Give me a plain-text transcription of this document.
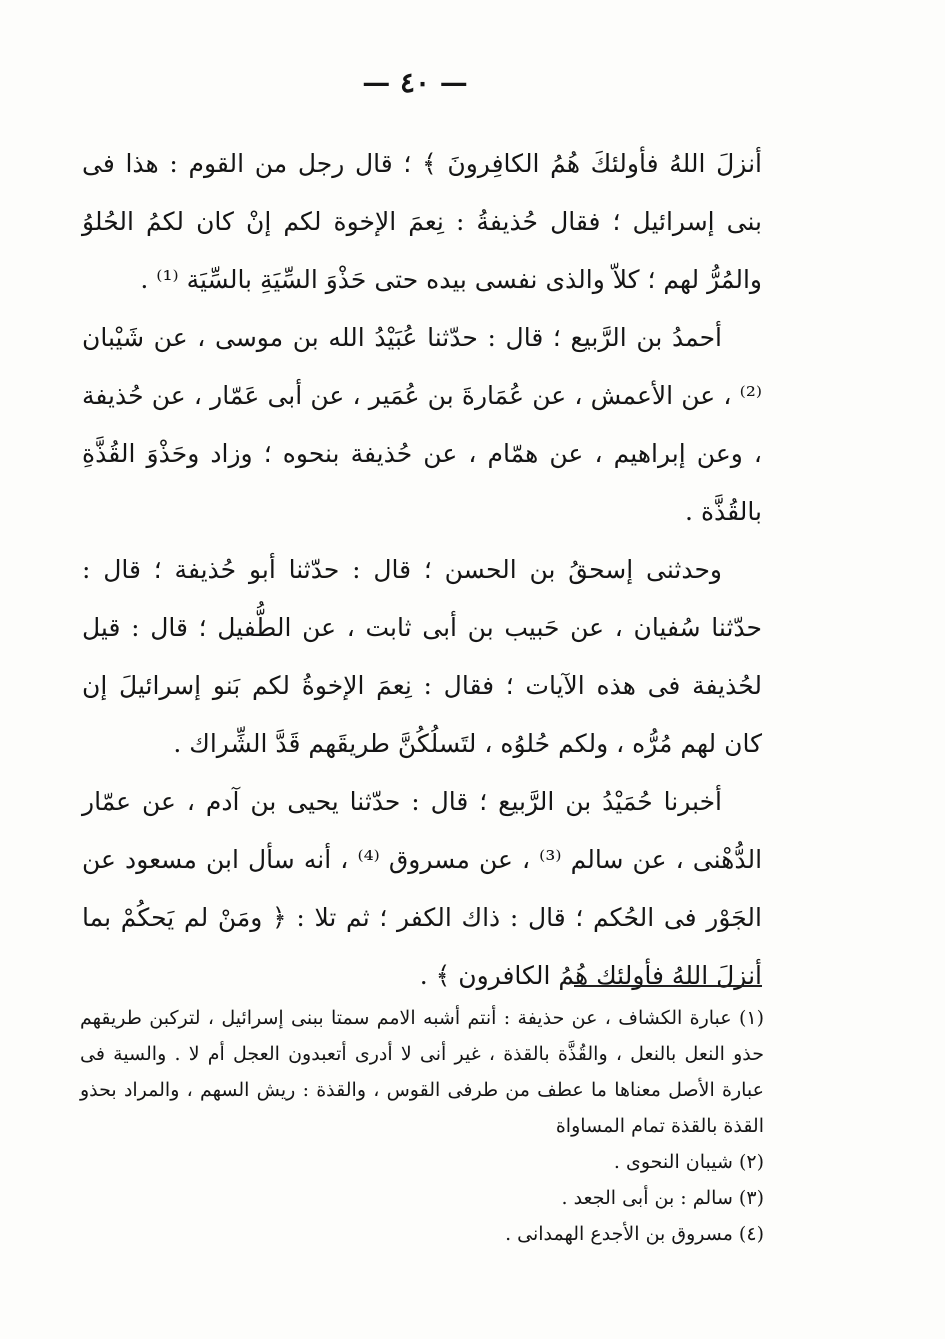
— ٤٠ —

أنزلَ اللهُ فأولئكَ هُمُ الكافِرونَ ﴾ ؛ قال رجل من القوم : هذا فى بنى إسرائيل ؛ فقال حُذيفةُ : نِعمَ الإخوة لكم إنْ كان لكمُ الحُلوُ والمُرُّ لهم ؛ كلاّ والذى نفسى بيده حتى حَذْوَ السِّيَةِ بالسِّيَة ⁽¹⁾ .

أحمدُ بن الرَّبيع ؛ قال : حدّثنا عُبَيْدُ الله بن موسى ، عن شَيْبان ⁽²⁾ ، عن الأعمش ، عن عُمَارةَ بن عُمَير ، عن أبى عَمّار ، عن حُذيفة ، وعن إبراهيم ، عن همّام ، عن حُذيفة بنحوه ؛ وزاد وحَذْوَ القُذَّةِ بالقُذَّة .

وحدثنى إسحقُ بن الحسن ؛ قال : حدّثنا أبو حُذيفة ؛ قال : حدّثنا سُفيان ، عن حَبيب بن أبى ثابت ، عن الطُّفيل ؛ قال : قيل لحُذيفة فى هذه الآيات ؛ فقال : نِعمَ الإخوةُ لكم بَنو إسرائيلَ إن كان لهم مُرُّه ، ولكم حُلوُه ، لتَسلُكُنَّ طريقَهم قَدَّ الشِّراك .

أخبرنا حُمَيْدُ بن الرَّبيع ؛ قال : حدّثنا يحيى بن آدم ، عن عمّار الدُّهْنى ، عن سالم ⁽³⁾ ، عن مسروق ⁽⁴⁾ ، أنه سأل ابن مسعود عن الجَوْر فى الحُكم ؛ قال : ذاك الكفر ؛ ثم تلا : ﴿ ومَنْ لم يَحكُمْ بما أنزلَ اللهُ فأولئك هُمُ الكافرون ﴾ .

(١) عبارة الكشاف ، عن حذيفة : أنتم أشبه الامم سمتا ببنى إسرائيل ، لتركبن طريقهم حذو النعل بالنعل ، والقُذَّة بالقذة ، غير أنى لا أدرى أتعبدون العجل أم لا . والسية فى عبارة الأصل معناها ما عطف من طرفى القوس ، والقذة : ريش السهم ، والمراد بحذو القذة بالقذة تمام المساواة

(٢) شيبان النحوى .

(٣) سالم : بن أبى الجعد .

(٤) مسروق بن الأجدع الهمدانى .
